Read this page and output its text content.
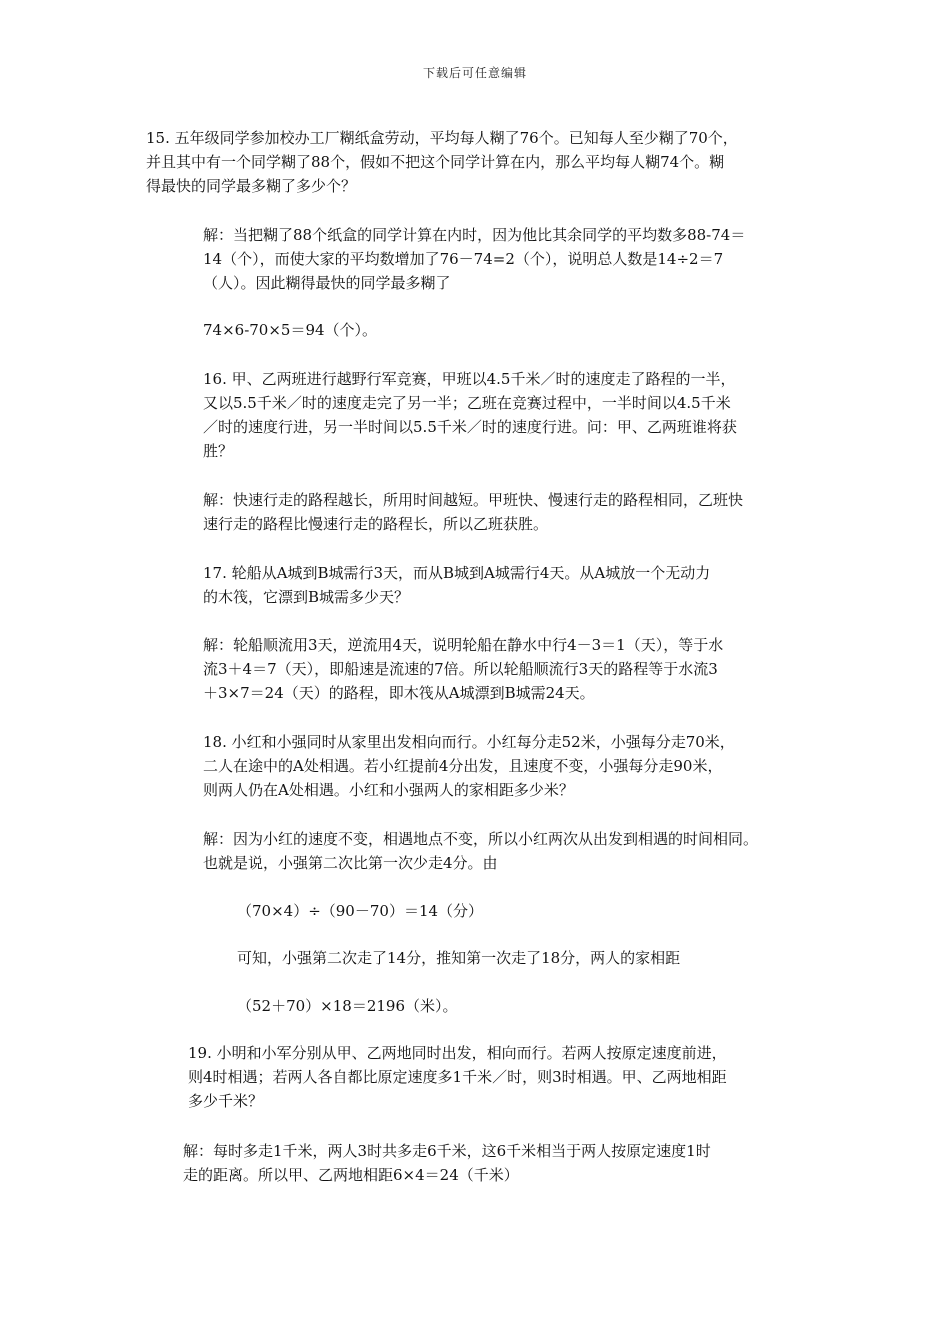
下载后可任意编辑
15. 五年级同学参加校办工厂糊纸盒劳动，平均每人糊了76个。已知每人至少糊了70个，
并且其中有一个同学糊了88个，假如不把这个同学计算在内，那么平均每人糊74个。糊
得最快的同学最多糊了多少个？
解：当把糊了88个纸盒的同学计算在内时，因为他比其余同学的平均数多88-74＝
14（个），而使大家的平均数增加了76－74=2（个），说明总人数是14÷2＝7
（人）。因此糊得最快的同学最多糊了
74×6-70×5＝94（个）。
16. 甲、乙两班进行越野行军竞赛，甲班以4.5千米／时的速度走了路程的一半，
又以5.5千米／时的速度走完了另一半；乙班在竞赛过程中，一半时间以4.5千米
／时的速度行进，另一半时间以5.5千米／时的速度行进。问：甲、乙两班谁将获
胜？
解：快速行走的路程越长，所用时间越短。甲班快、慢速行走的路程相同，乙班快
速行走的路程比慢速行走的路程长，所以乙班获胜。
17. 轮船从A城到B城需行3天，而从B城到A城需行4天。从A城放一个无动力
的木筏，它漂到B城需多少天？
解：轮船顺流用3天，逆流用4天，说明轮船在静水中行4－3＝1（天），等于水
流3＋4＝7（天），即船速是流速的7倍。所以轮船顺流行3天的路程等于水流3
＋3×7＝24（天）的路程，即木筏从A城漂到B城需24天。
18. 小红和小强同时从家里出发相向而行。小红每分走52米，小强每分走70米，
二人在途中的A处相遇。若小红提前4分出发，且速度不变，小强每分走90米，
则两人仍在A处相遇。小红和小强两人的家相距多少米？
解：因为小红的速度不变，相遇地点不变，所以小红两次从出发到相遇的时间相同。
也就是说，小强第二次比第一次少走4分。由
（70×4）÷（90－70）＝14（分）
可知，小强第二次走了14分，推知第一次走了18分，两人的家相距
（52＋70）×18＝2196（米）。
19. 小明和小军分别从甲、乙两地同时出发，相向而行。若两人按原定速度前进，
则4时相遇；若两人各自都比原定速度多1千米／时，则3时相遇。甲、乙两地相距
多少千米？
解：每时多走1千米，两人3时共多走6千米，这6千米相当于两人按原定速度1时
走的距离。所以甲、乙两地相距6×4＝24（千米）
